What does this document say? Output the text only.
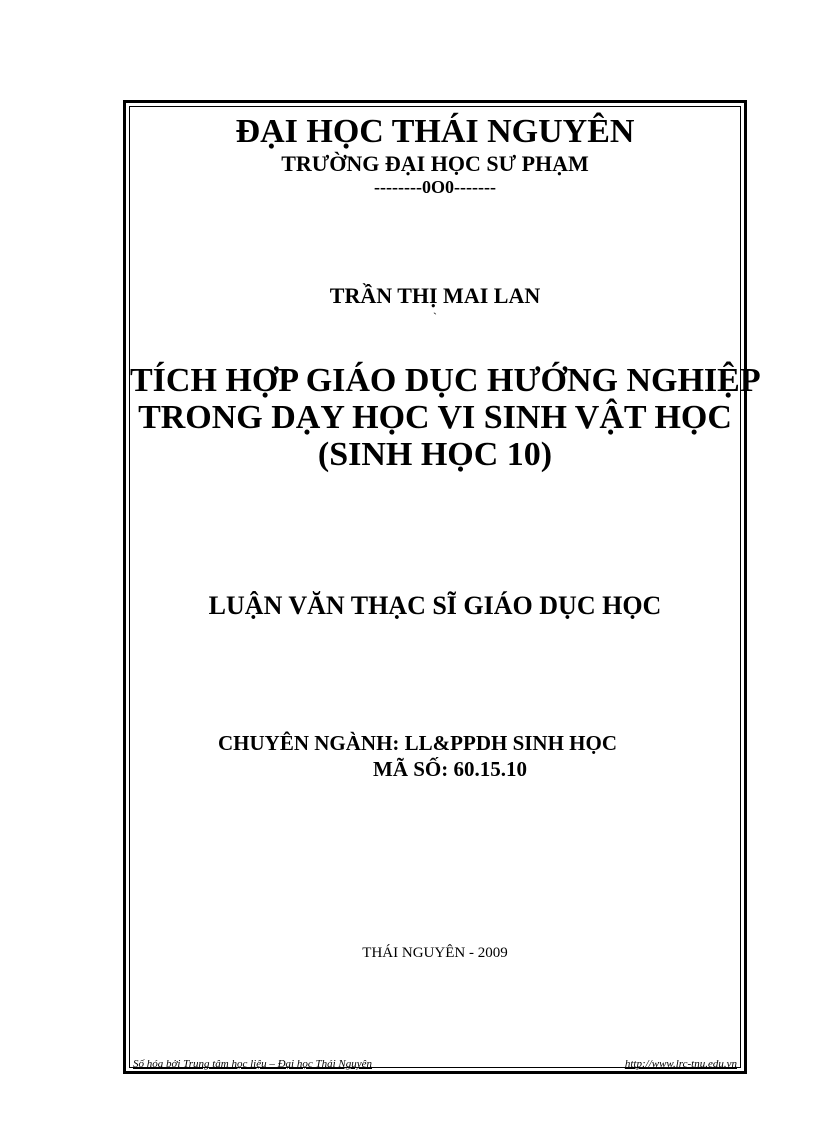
ĐẠI HỌC THÁI NGUYÊN
TRƯỜNG ĐẠI HỌC SƯ PHẠM
--------0O0-------
TRẦN THỊ MAI LAN
`
TÍCH HỢP GIÁO DỤC HƯỚNG NGHIỆP
TRONG DẠY HỌC VI SINH VẬT HỌC
(SINH HỌC 10)
LUẬN VĂN THẠC SĨ GIÁO DỤC HỌC
CHUYÊN NGÀNH: LL&PPDH SINH HỌC
MÃ SỐ: 60.15.10
THÁI NGUYÊN - 2009
Số hóa bởi Trung tâm học liệu – Đại học Thái Nguyên	http://www.lrc-tnu.edu.vn
